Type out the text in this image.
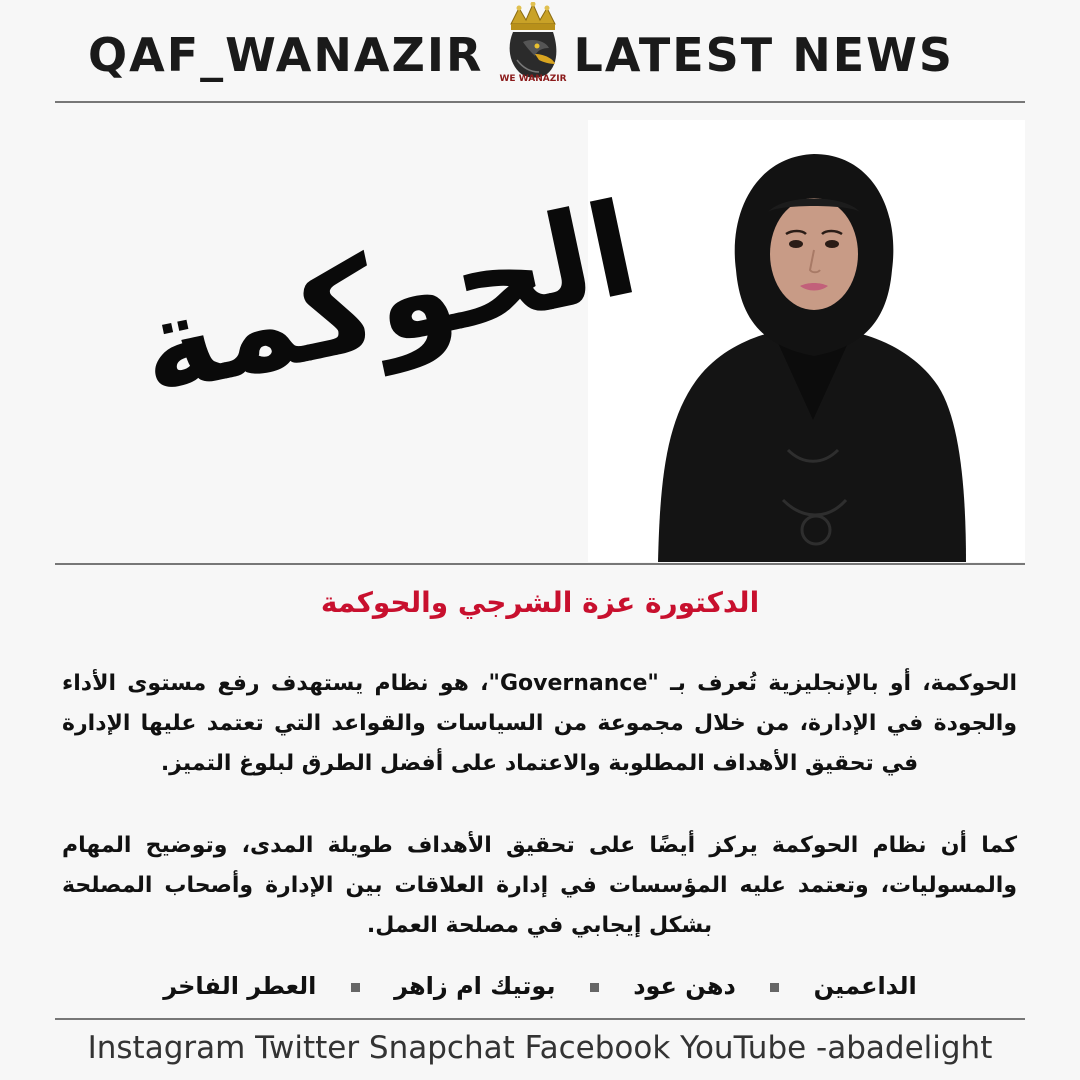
QAF_WANAZIR	WE WANAZIR LATEST NEWS
الحوكمة
الدكتورة عزة الشرجي والحوكمة
الحوكمة، أو بالإنجليزية تُعرف بـ "Governance"، هو نظام يستهدف رفع مستوى الأداء والجودة في الإدارة، من خلال مجموعة من السياسات والقواعد التي تعتمد عليها الإدارة في تحقيق الأهداف المطلوبة والاعتماد على أفضل الطرق لبلوغ التميز.
كما أن نظام الحوكمة يركز أيضًا على تحقيق الأهداف طويلة المدى، وتوضيح المهام والمسوليات، وتعتمد عليه المؤسسات في إدارة العلاقات بين الإدارة وأصحاب المصلحة بشكل إيجابي في مصلحة العمل.
الداعمين  دهن عود  بوتيك ام زاهر  العطر الفاخر
Instagram Twitter Snapchat Facebook YouTube -abadelight
